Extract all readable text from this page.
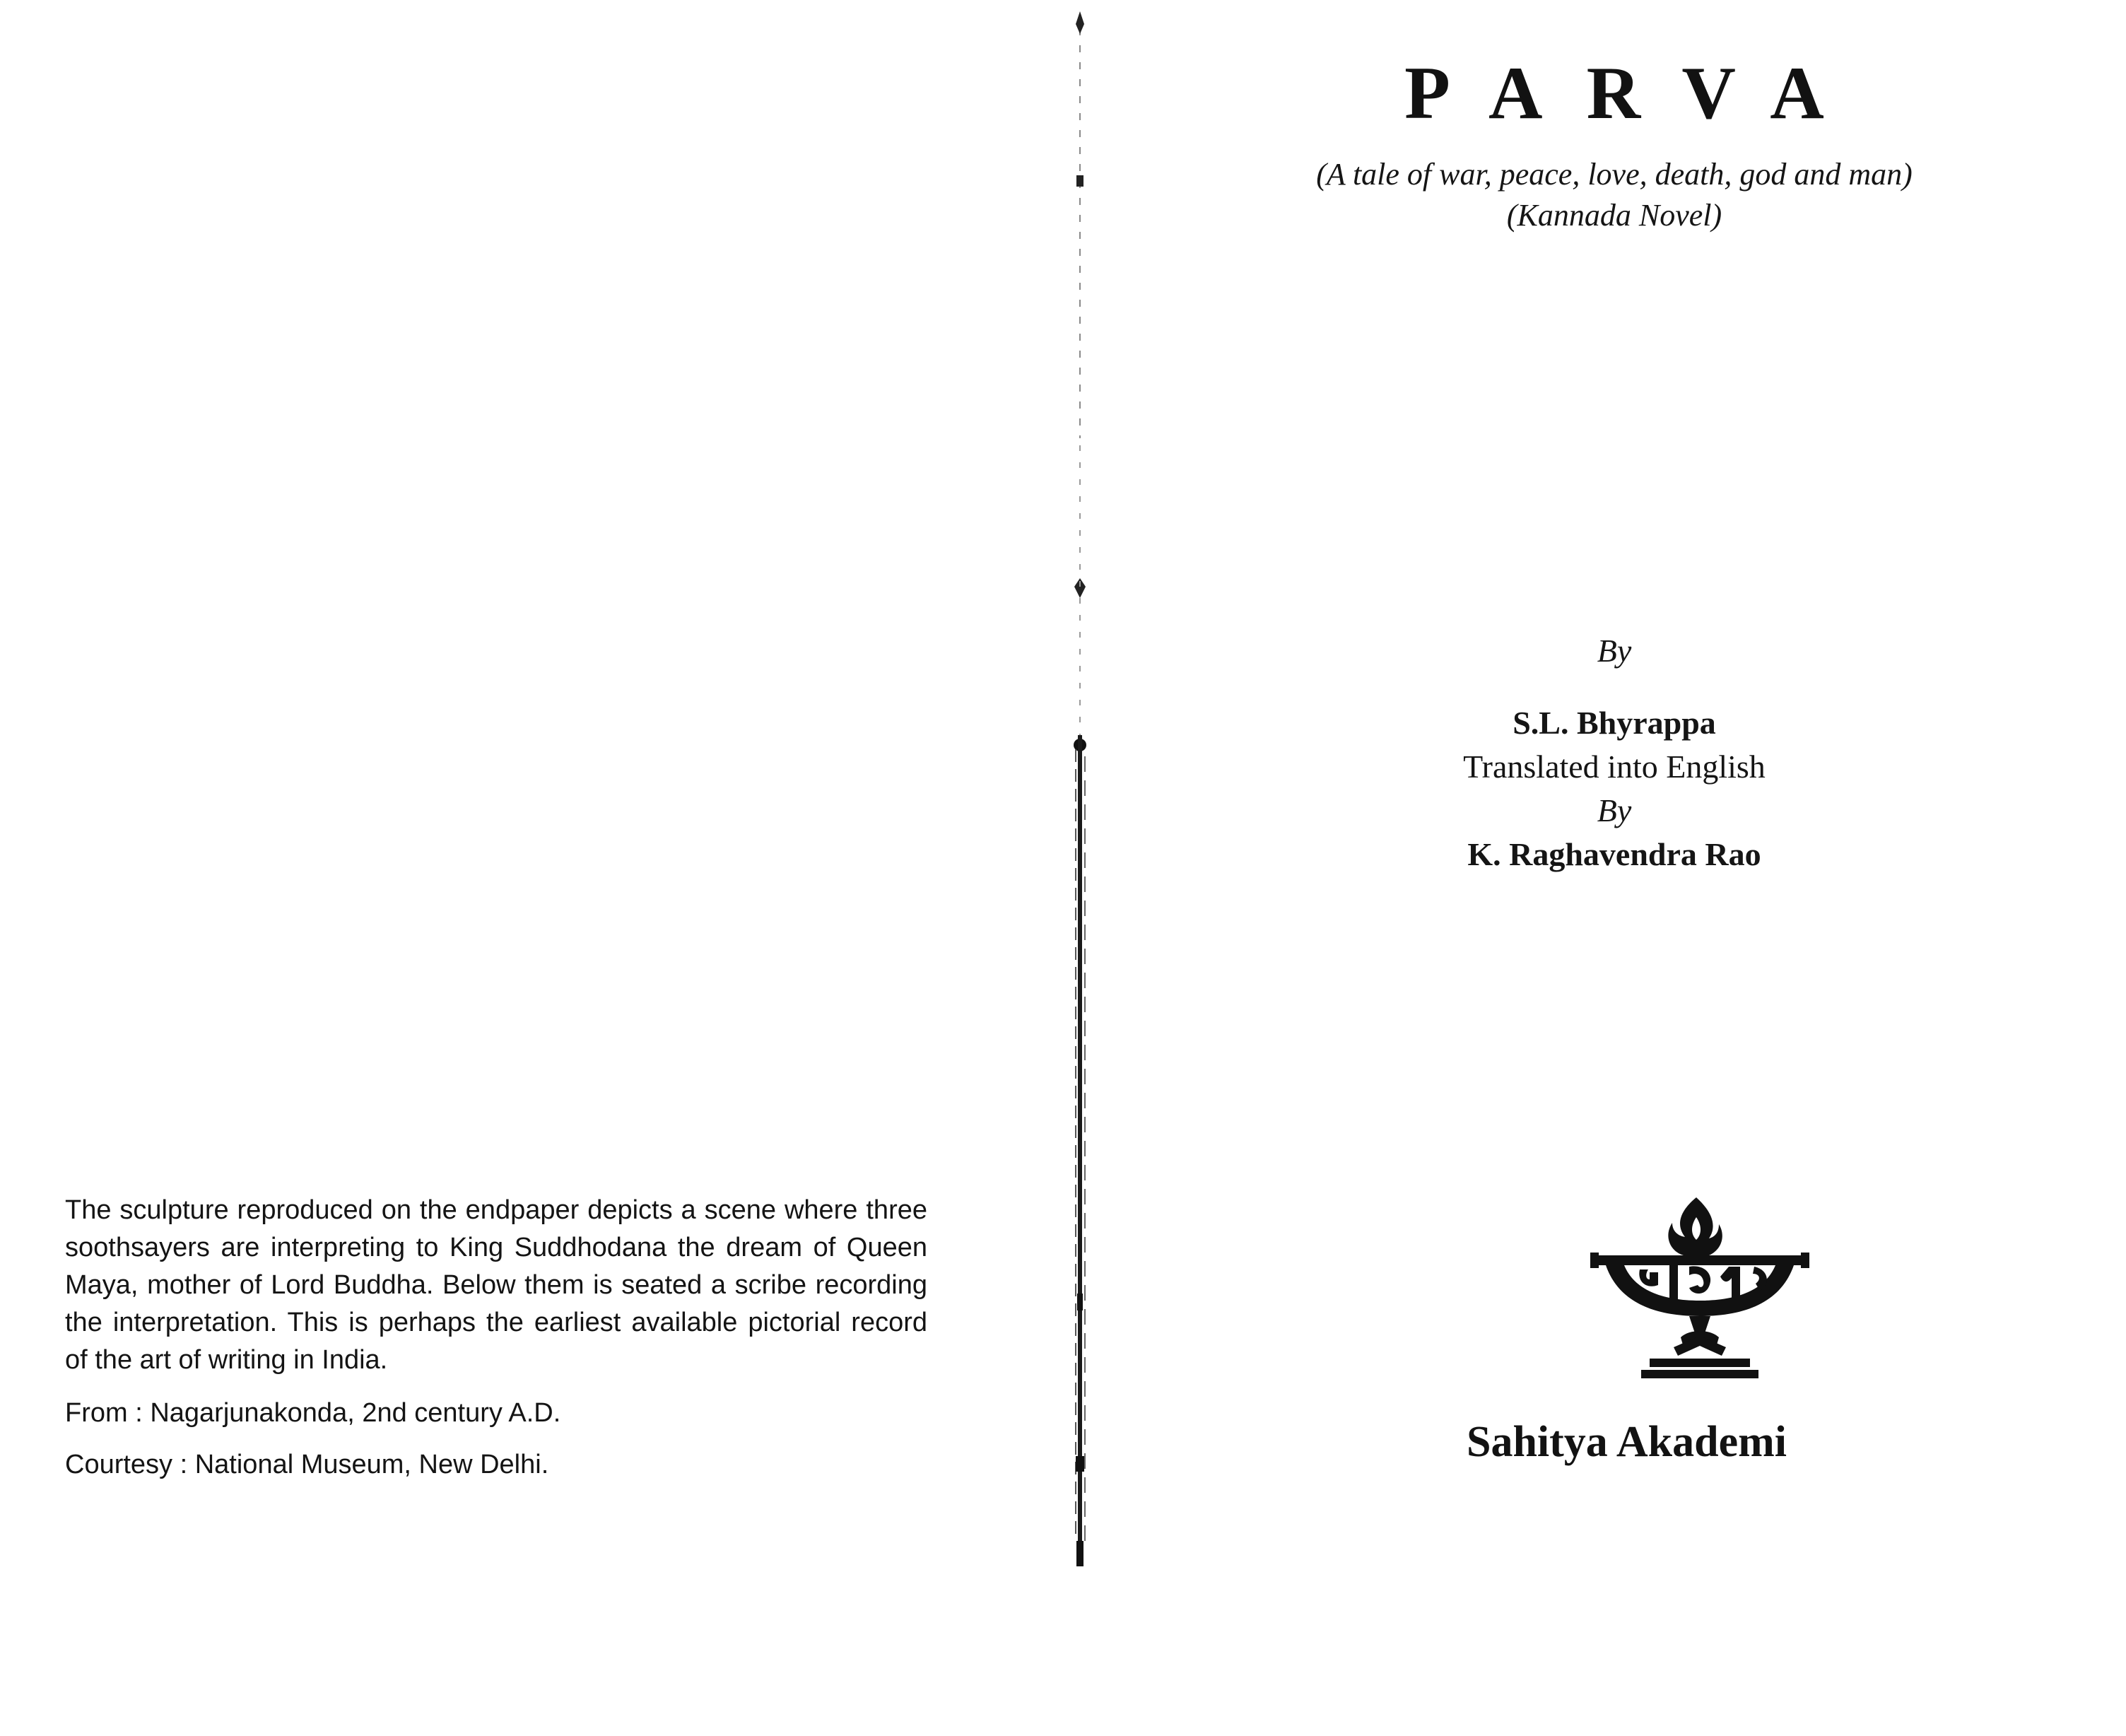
The sculpture reproduced on the endpaper depicts a scene where three soothsayers are interpreting to King Suddhodana the dream of Queen Maya, mother of Lord Buddha. Below them is seated a scribe recording the interpretation. This is perhaps the earliest available pictorial record of the art of writing in India.

From : Nagarjunakonda, 2nd century A.D.

Courtesy : National Museum, New Delhi.

PARVA
(A tale of war, peace, love, death, god and man)
(Kannada Novel)
By
S.L. Bhyrappa
Translated into English
By
K. Raghavendra Rao
Sahitya Akademi
